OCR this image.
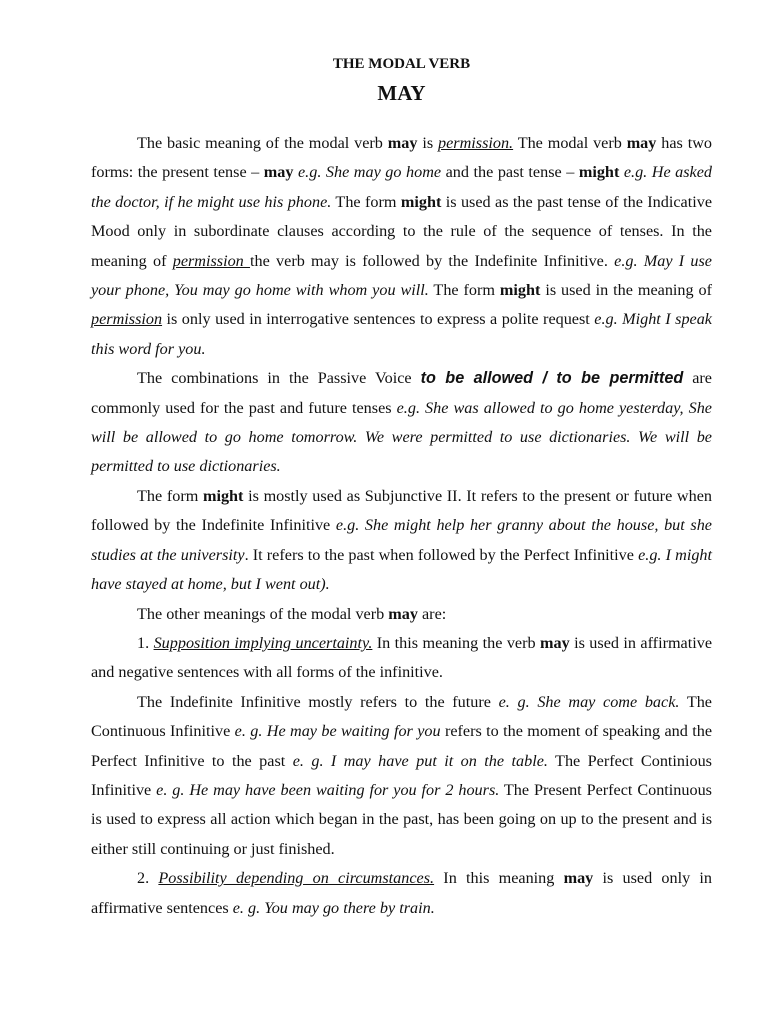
THE MODAL VERB
MAY

The basic meaning of the modal verb may is permission. The modal verb may has two forms: the present tense – may e.g. She may go home and the past tense – might e.g. He asked the doctor, if he might use his phone. The form might is used as the past tense of the Indicative Mood only in subordinate clauses according to the rule of the sequence of tenses. In the meaning of permission the verb may is followed by the Indefinite Infinitive. e.g. May I use your phone, You may go home with whom you will. The form might is used in the meaning of permission is only used in interrogative sentences to express a polite request e.g. Might I speak this word for you.

The combinations in the Passive Voice to be allowed / to be permitted are commonly used for the past and future tenses e.g. She was allowed to go home yesterday, She will be allowed to go home tomorrow. We were permitted to use dictionaries. We will be permitted to use dictionaries.

The form might is mostly used as Subjunctive II. It refers to the present or future when followed by the Indefinite Infinitive e.g. She might help her granny about the house, but she studies at the university. It refers to the past when followed by the Perfect Infinitive e.g. I might have stayed at home, but I went out).

The other meanings of the modal verb may are:

1. Supposition implying uncertainty. In this meaning the verb may is used in affirmative and negative sentences with all forms of the infinitive.

The Indefinite Infinitive mostly refers to the future e. g. She may come back. The Continuous Infinitive e. g. He may be waiting for you refers to the moment of speaking and the Perfect Infinitive to the past e. g. I may have put it on the table. The Perfect Continious Infinitive e. g. He may have been waiting for you for 2 hours. The Present Perfect Continuous is used to express all action which began in the past, has been going on up to the present and is either still continuing or just finished.

2. Possibility depending on circumstances. In this meaning may is used only in affirmative sentences e. g. You may go there by train.
